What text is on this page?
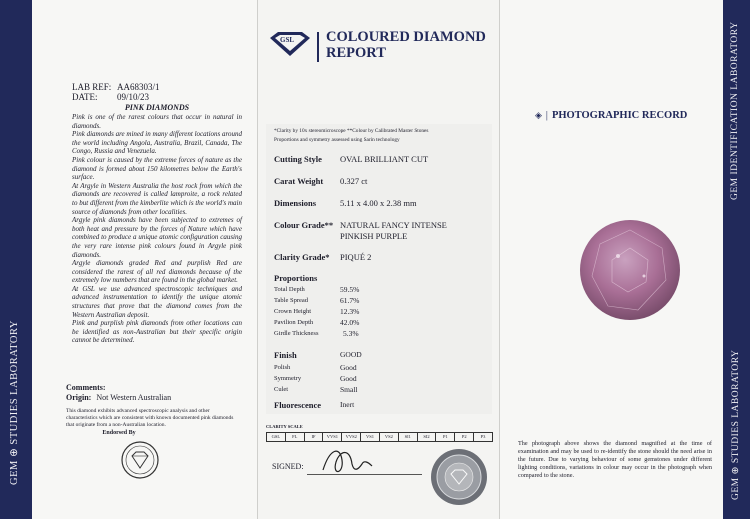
GEM ⊕ STUDIES LABORATORY
GEM IDENTIFICATION LABORATORY
GEM ⊕ STUDIES LABORATORY
LAB REF: AA68303/1
DATE: 09/10/23
PINK DIAMONDS
Pink is one of the rarest colours that occur in natural in diamonds.
Pink diamonds are mined in many different locations around the world including Angola, Australia, Brazil, Canada, The Congo, Russia and Venezuela.
Pink colour is caused by the extreme forces of nature as the diamond is formed about 150 kilometres below the Earth's surface.
At Argyle in Western Australia the host rock from which the diamonds are recovered is called lamproite, a rock related to but different from the kimberlite which is the world's main source of diamonds from other localities.
Argyle pink diamonds have been subjected to extremes of both heat and pressure by the forces of Nature which have combined to produce a unique atomic configuration causing the very rare intense pink colours found in Argyle pink diamonds.
Argyle diamonds graded Red and purplish Red are considered the rarest of all red diamonds because of the extremely low numbers that are found in the global market.
At GSL we use advanced spectroscopic techniques and advanced instrumentation to identify the unique atomic structures that prove that the diamond comes from the Western Australian deposit.
Pink and purplish pink diamonds from other locations can be identified as non-Australian but their specific origin cannot be determined.
Comments:
Origin: Not Western Australian
This diamond exhibits advanced spectroscopic analysis and other characteristics which are consistent with known documented pink diamonds that originate from a non-Australian location.
Endorsed By
GSL COLOURED DIAMOND
REPORT
*Clarity by 10x stereomicroscope **Colour by Calibrated Master Stones
Proportions and symmetry assessed using Sarin technology
Cutting Style OVAL BRILLIANT CUT
Carat Weight 0.327 ct
Dimensions	5.11 x 4.00 x 2.38 mm
Colour Grade** NATURAL FANCY INTENSE
PINKISH PURPLE
Clarity Grade* PIQUÉ 2
Proportions
Total Depth	59.5%
Table Spread	61.7%
Crown Height	12.3%
Pavilion Depth	42.0%
Girdle Thickness	5.3%
Finish	GOOD
Polish	Good
Symmetry	Good
Culet	Small
Fluorescence	Inert
CLARITY SCALE
GSL	FL	IF	VVS1	VVS2	VS1	VS2	SI1	SI2	P1	P2	P3
SIGNED:
◈ | PHOTOGRAPHIC RECORD
The photograph above shows the diamond magnified at the time of examination and may be used to re-identify the stone should the need arise in the future. Due to varying behaviour of some gemstones under different lighting conditions, variations in colour may occur in the photograph when compared to the stone.
